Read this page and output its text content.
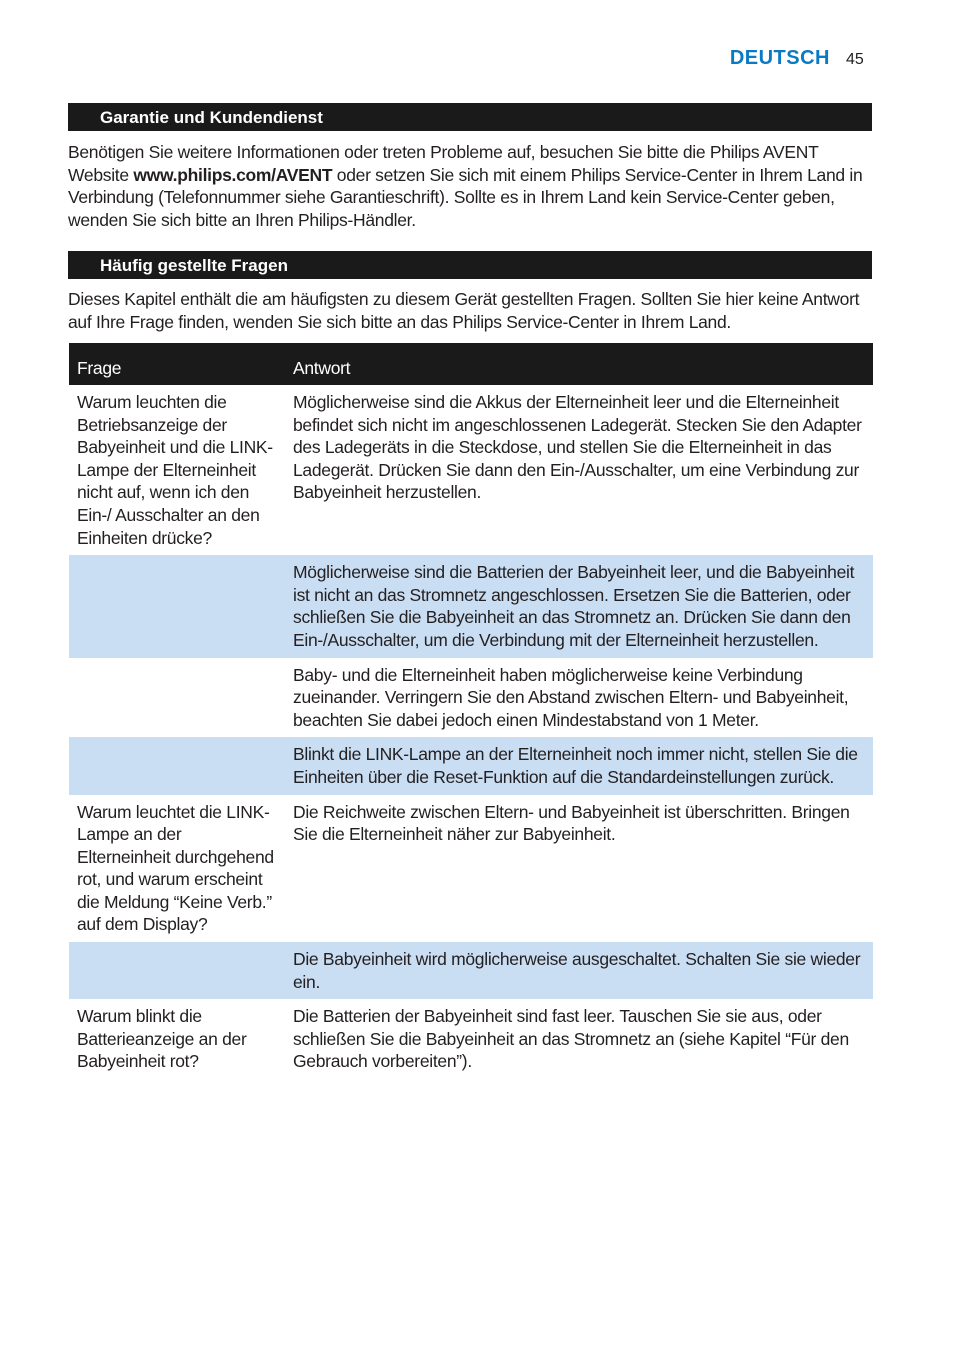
DEUTSCH 45
Garantie und Kundendienst
Benötigen Sie weitere Informationen oder treten Probleme auf, besuchen Sie bitte die Philips AVENT Website www.philips.com/AVENT oder setzen Sie sich mit einem Philips Service-Center in Ihrem Land in Verbindung (Telefonnummer siehe Garantieschrift). Sollte es in Ihrem Land kein Service-Center geben, wenden Sie sich bitte an Ihren Philips-Händler.
Häufig gestellte Fragen
Dieses Kapitel enthält die am häufigsten zu diesem Gerät gestellten Fragen. Sollten Sie hier keine Antwort auf Ihre Frage finden, wenden Sie sich bitte an das Philips Service-Center in Ihrem Land.
Frage	Antwort
Warum leuchten die Betriebsanzeige der Babyeinheit und die LINK-Lampe der Elterneinheit nicht auf, wenn ich den Ein-/ Ausschalter an den Einheiten drücke?	Möglicherweise sind die Akkus der Elterneinheit leer und die Elterneinheit befindet sich nicht im angeschlossenen Ladegerät. Stecken Sie den Adapter des Ladegeräts in die Steckdose, und stellen Sie die Elterneinheit in das Ladegerät. Drücken Sie dann den Ein-/Ausschalter, um eine Verbindung zur Babyeinheit herzustellen.
	Möglicherweise sind die Batterien der Babyeinheit leer, und die Babyeinheit ist nicht an das Stromnetz angeschlossen. Ersetzen Sie die Batterien, oder schließen Sie die Babyeinheit an das Stromnetz an. Drücken Sie dann den Ein-/Ausschalter, um die Verbindung mit der Elterneinheit herzustellen.
	Baby- und die Elterneinheit haben möglicherweise keine Verbindung zueinander. Verringern Sie den Abstand zwischen Eltern- und Babyeinheit, beachten Sie dabei jedoch einen Mindestabstand von 1 Meter.
	Blinkt die LINK-Lampe an der Elterneinheit noch immer nicht, stellen Sie die Einheiten über die Reset-Funktion auf die Standardeinstellungen zurück.
Warum leuchtet die LINK-Lampe an der Elterneinheit durchgehend rot, und warum erscheint die Meldung “Keine Verb.” auf dem Display?	Die Reichweite zwischen Eltern- und Babyeinheit ist überschritten. Bringen Sie die Elterneinheit näher zur Babyeinheit.
	Die Babyeinheit wird möglicherweise ausgeschaltet. Schalten Sie sie wieder ein.
Warum blinkt die Batterieanzeige an der Babyeinheit rot?	Die Batterien der Babyeinheit sind fast leer. Tauschen Sie sie aus, oder schließen Sie die Babyeinheit an das Stromnetz an (siehe Kapitel “Für den Gebrauch vorbereiten”).
